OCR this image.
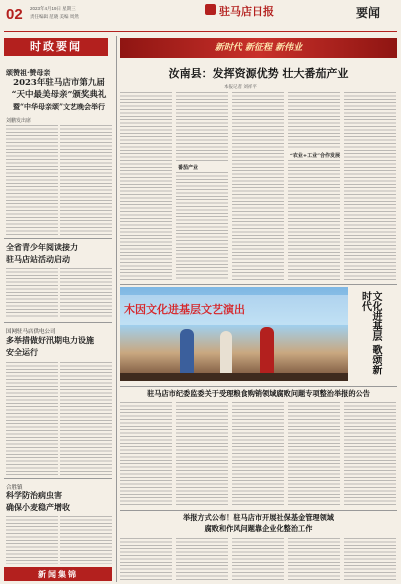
02 2023年4月19日 星期三
责任编辑 范晓 美编 周然	驻马店日报	要闻
时政要闻
颂赞祖·赞母亲
2023年驻马店市第九届
“天中最美母亲”颁奖典礼
暨“中华母亲颂”文艺晚会举行
刘鹏发出席
全省青少年阅读接力
驻马店站活动启动
国网驻马店供电公司
多举措做好汛期电力设施
安全运行
合胜镇
科学防治病虫害
确保小麦稳产增收
新闻集锦
新时代 新征程 新伟业
汝南县：发挥资源优势 壮大番茄产业
本报记者 刘祥平
番茄产业
“农业+工业”合作发展
木因文化进基层文艺演出	文化进基层 歌颂新时代
驻马店市纪委监委关于受理粮食购销领域腐败问题专项整治举报的公告
举报方式公布！驻马店市开展社保基金管理领域
腐败和作风问题靠企业化整治工作
